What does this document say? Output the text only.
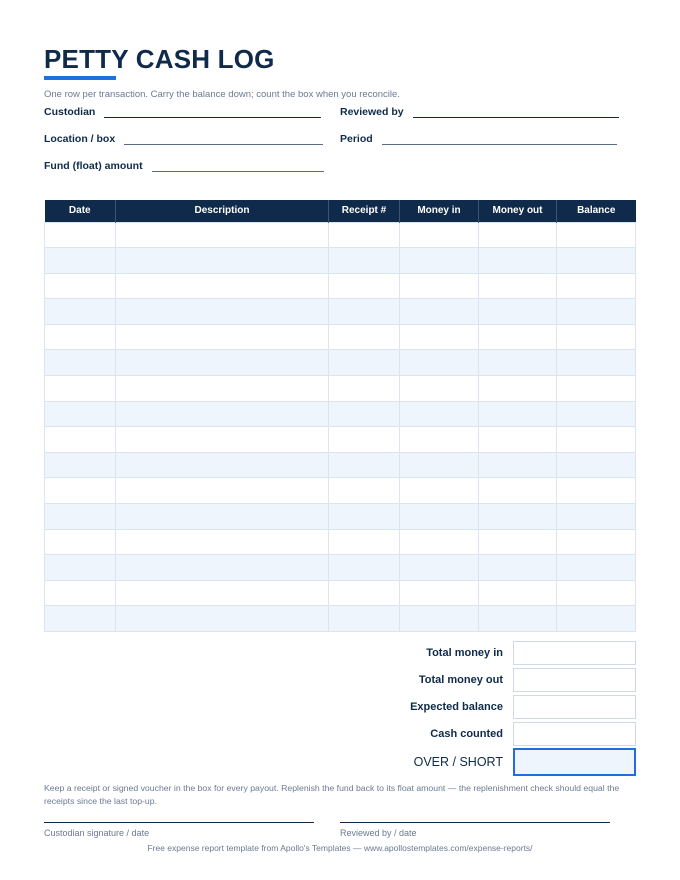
PETTY CASH LOG
One row per transaction. Carry the balance down; count the box when you reconcile.
Custodian	Reviewed by
Location / box	Period
Fund (float) amount
Date	Description	Receipt #	Money in	Money out	Balance

Total money in
Total money out
Expected balance
Cash counted
OVER / SHORT
Keep a receipt or signed voucher in the box for every payout. Replenish the fund back to its float amount — the replenishment check should equal the receipts since the last top-up.
Custodian signature / date	Reviewed by / date
Free expense report template from Apollo's Templates — www.apollostemplates.com/expense-reports/
